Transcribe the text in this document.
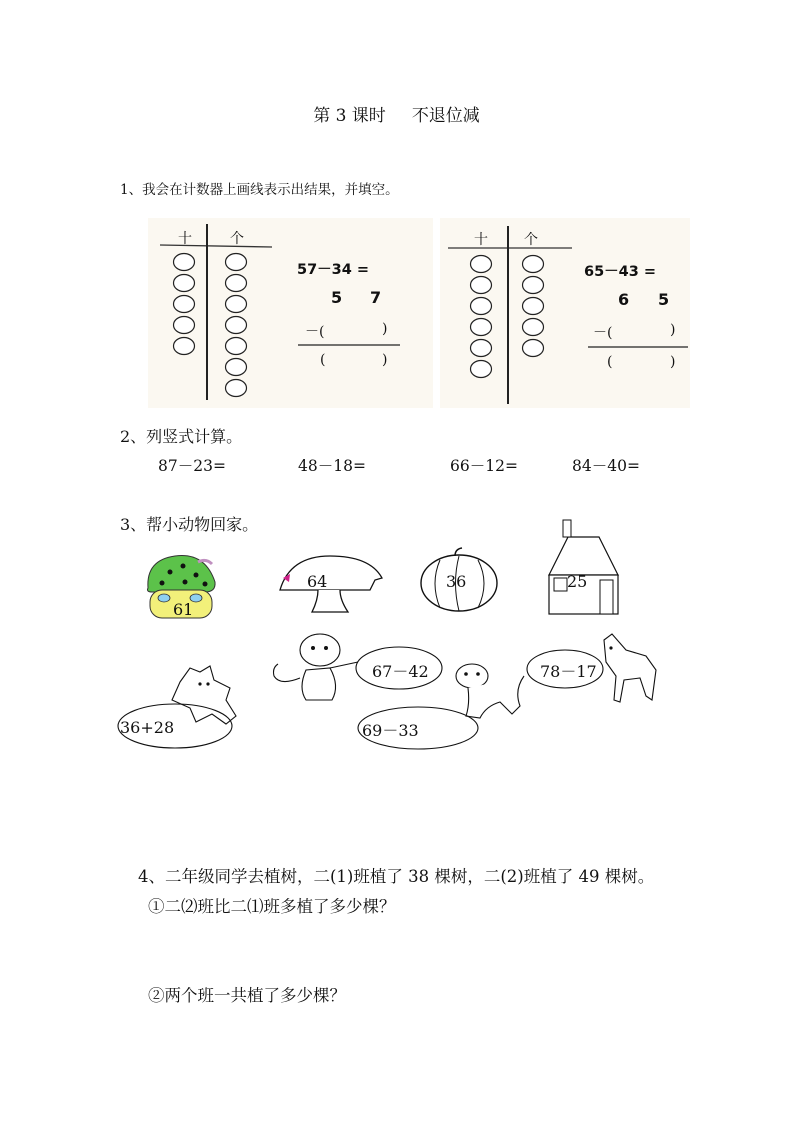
第 3 课时 不退位减
1、我会在计数器上画线表示出结果，并填空。
十	个
57－34 =
5 7
－(	)
(	)
十	个
65－43 =
6 5
－(	)
(	)
2、列竖式计算。
87－23=	48－18=	66－12=	84－40=
3、帮小动物回家。
61
64	36	25
36+28
67－42
69－33
78－17
4、二年级同学去植树，二(1)班植了 38 棵树，二(2)班植了 49 棵树。
①二⑵班比二⑴班多植了多少棵？
②两个班一共植了多少棵？
